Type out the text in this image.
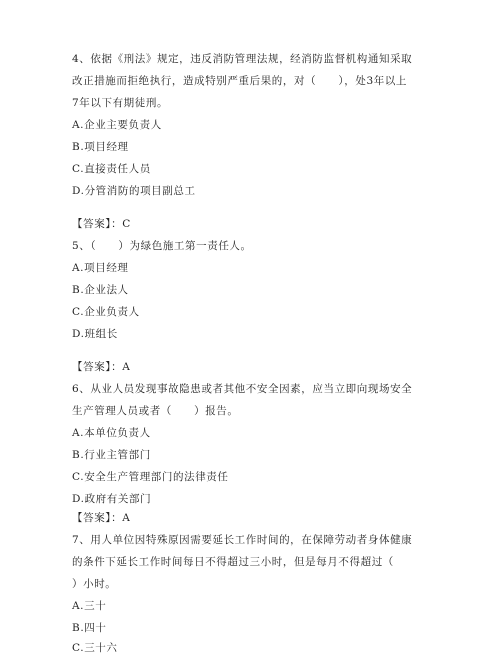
4、依据《刑法》规定，违反消防管理法规，经消防监督机构通知采取
改正措施而拒绝执行，造成特别严重后果的，对（　　），处3年以上
7年以下有期徒刑。
A.企业主要负责人
B.项目经理
C.直接责任人员
D.分管消防的项目副总工
【答案】：C
5、（　　）为绿色施工第一责任人。
A.项目经理
B.企业法人
C.企业负责人
D.班组长
【答案】：A
6、从业人员发现事故隐患或者其他不安全因素，应当立即向现场安全
生产管理人员或者（　　）报告。
A.本单位负责人
B.行业主管部门
C.安全生产管理部门的法律责任
D.政府有关部门
【答案】：A
7、用人单位因特殊原因需要延长工作时间的，在保障劳动者身体健康
的条件下延长工作时间每日不得超过三小时，但是每月不得超过（
）小时。
A.三十
B.四十
C.三十六
